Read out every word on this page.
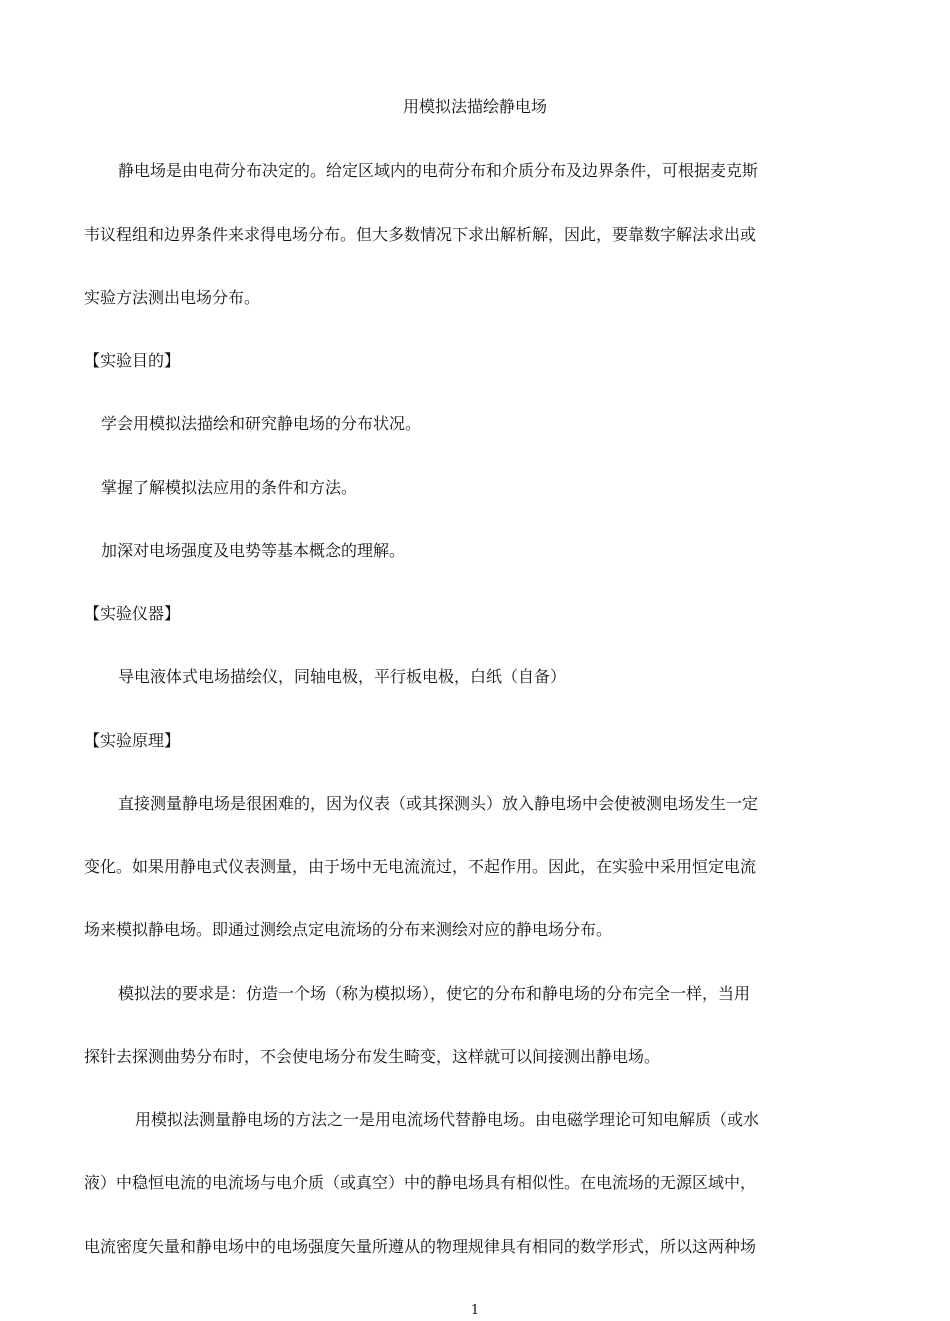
用模拟法描绘静电场
静电场是由电荷分布决定的。给定区域内的电荷分布和介质分布及边界条件，可根据麦克斯
韦议程组和边界条件来求得电场分布。但大多数情况下求出解析解，因此，要靠数字解法求出或
实验方法测出电场分布。
【实验目的】
学会用模拟法描绘和研究静电场的分布状况。
掌握了解模拟法应用的条件和方法。
加深对电场强度及电势等基本概念的理解。
【实验仪器】
导电液体式电场描绘仪，同轴电极，平行板电极，白纸（自备）
【实验原理】
直接测量静电场是很困难的，因为仪表（或其探测头）放入静电场中会使被测电场发生一定
变化。如果用静电式仪表测量，由于场中无电流流过，不起作用。因此，在实验中采用恒定电流
场来模拟静电场。即通过测绘点定电流场的分布来测绘对应的静电场分布。
模拟法的要求是：仿造一个场（称为模拟场），使它的分布和静电场的分布完全一样，当用
探针去探测曲势分布时，不会使电场分布发生畸变，这样就可以间接测出静电场。
用模拟法测量静电场的方法之一是用电流场代替静电场。由电磁学理论可知电解质（或水
液）中稳恒电流的电流场与电介质（或真空）中的静电场具有相似性。在电流场的无源区域中，
电流密度矢量和静电场中的电场强度矢量所遵从的物理规律具有相同的数学形式，所以这两种场
1
